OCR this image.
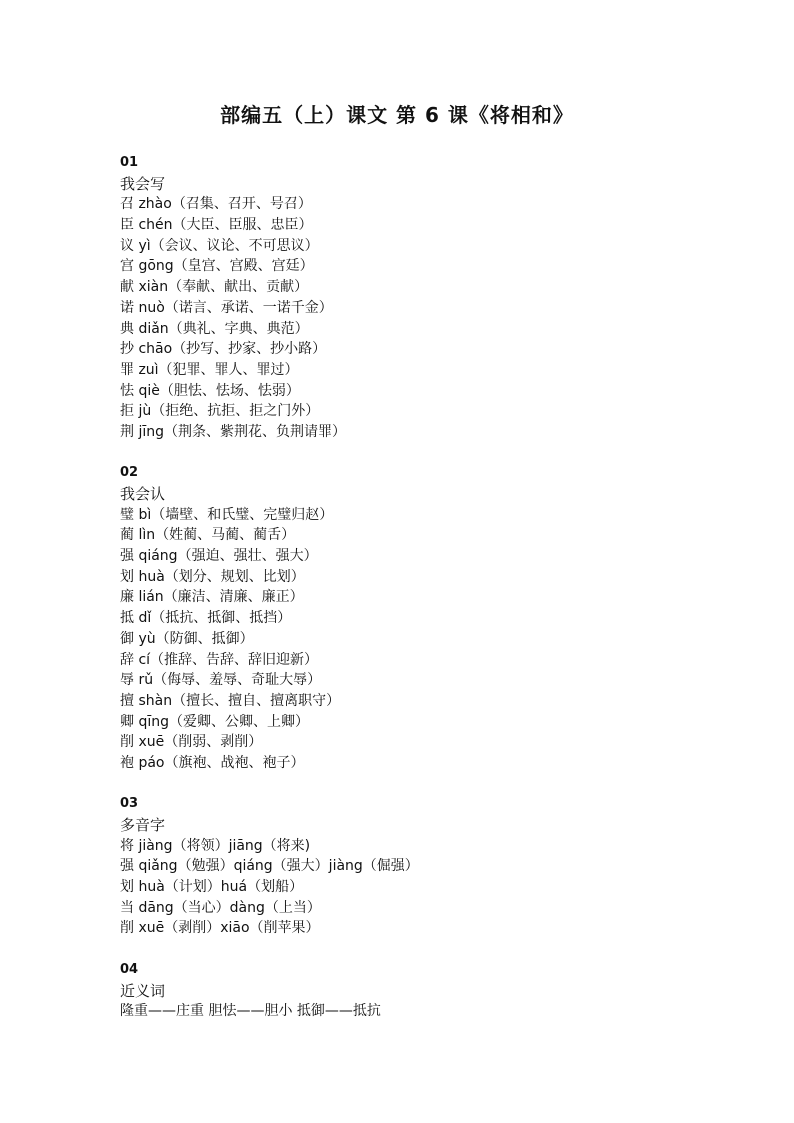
部编五（上）课文 第 6 课《将相和》
01
我会写
召 zhào（召集、召开、号召）
臣 chén（大臣、臣服、忠臣）
议 yì（会议、议论、不可思议）
宫 gōng（皇宫、宫殿、宫廷）
献 xiàn（奉献、献出、贡献）
诺 nuò（诺言、承诺、一诺千金）
典 diǎn（典礼、字典、典范）
抄 chāo（抄写、抄家、抄小路）
罪 zuì（犯罪、罪人、罪过）
怯 qiè（胆怯、怯场、怯弱）
拒 jù（拒绝、抗拒、拒之门外）
荆 jīng（荆条、紫荆花、负荆请罪）
02
我会认
璧 bì（墙壁、和氏璧、完璧归赵）
蔺 lìn（姓蔺、马蔺、蔺舌）
强 qiáng（强迫、强壮、强大）
划 huà（划分、规划、比划）
廉 lián（廉洁、清廉、廉正）
抵 dǐ（抵抗、抵御、抵挡）
御 yù（防御、抵御）
辞 cí（推辞、告辞、辞旧迎新）
辱 rǔ（侮辱、羞辱、奇耻大辱）
擅 shàn（擅长、擅自、擅离职守）
卿 qīng（爱卿、公卿、上卿）
削 xuē（削弱、剥削）
袍 páo（旗袍、战袍、袍子）
03
多音字
将 jiàng（将领）jiāng（将来)
强 qiǎng（勉强）qiáng（强大）jiàng（倔强）
划 huà（计划）huá（划船）
当 dāng（当心）dàng（上当）
削 xuē（剥削）xiāo（削苹果）
04
近义词
隆重——庄重 胆怯——胆小 抵御——抵抗
